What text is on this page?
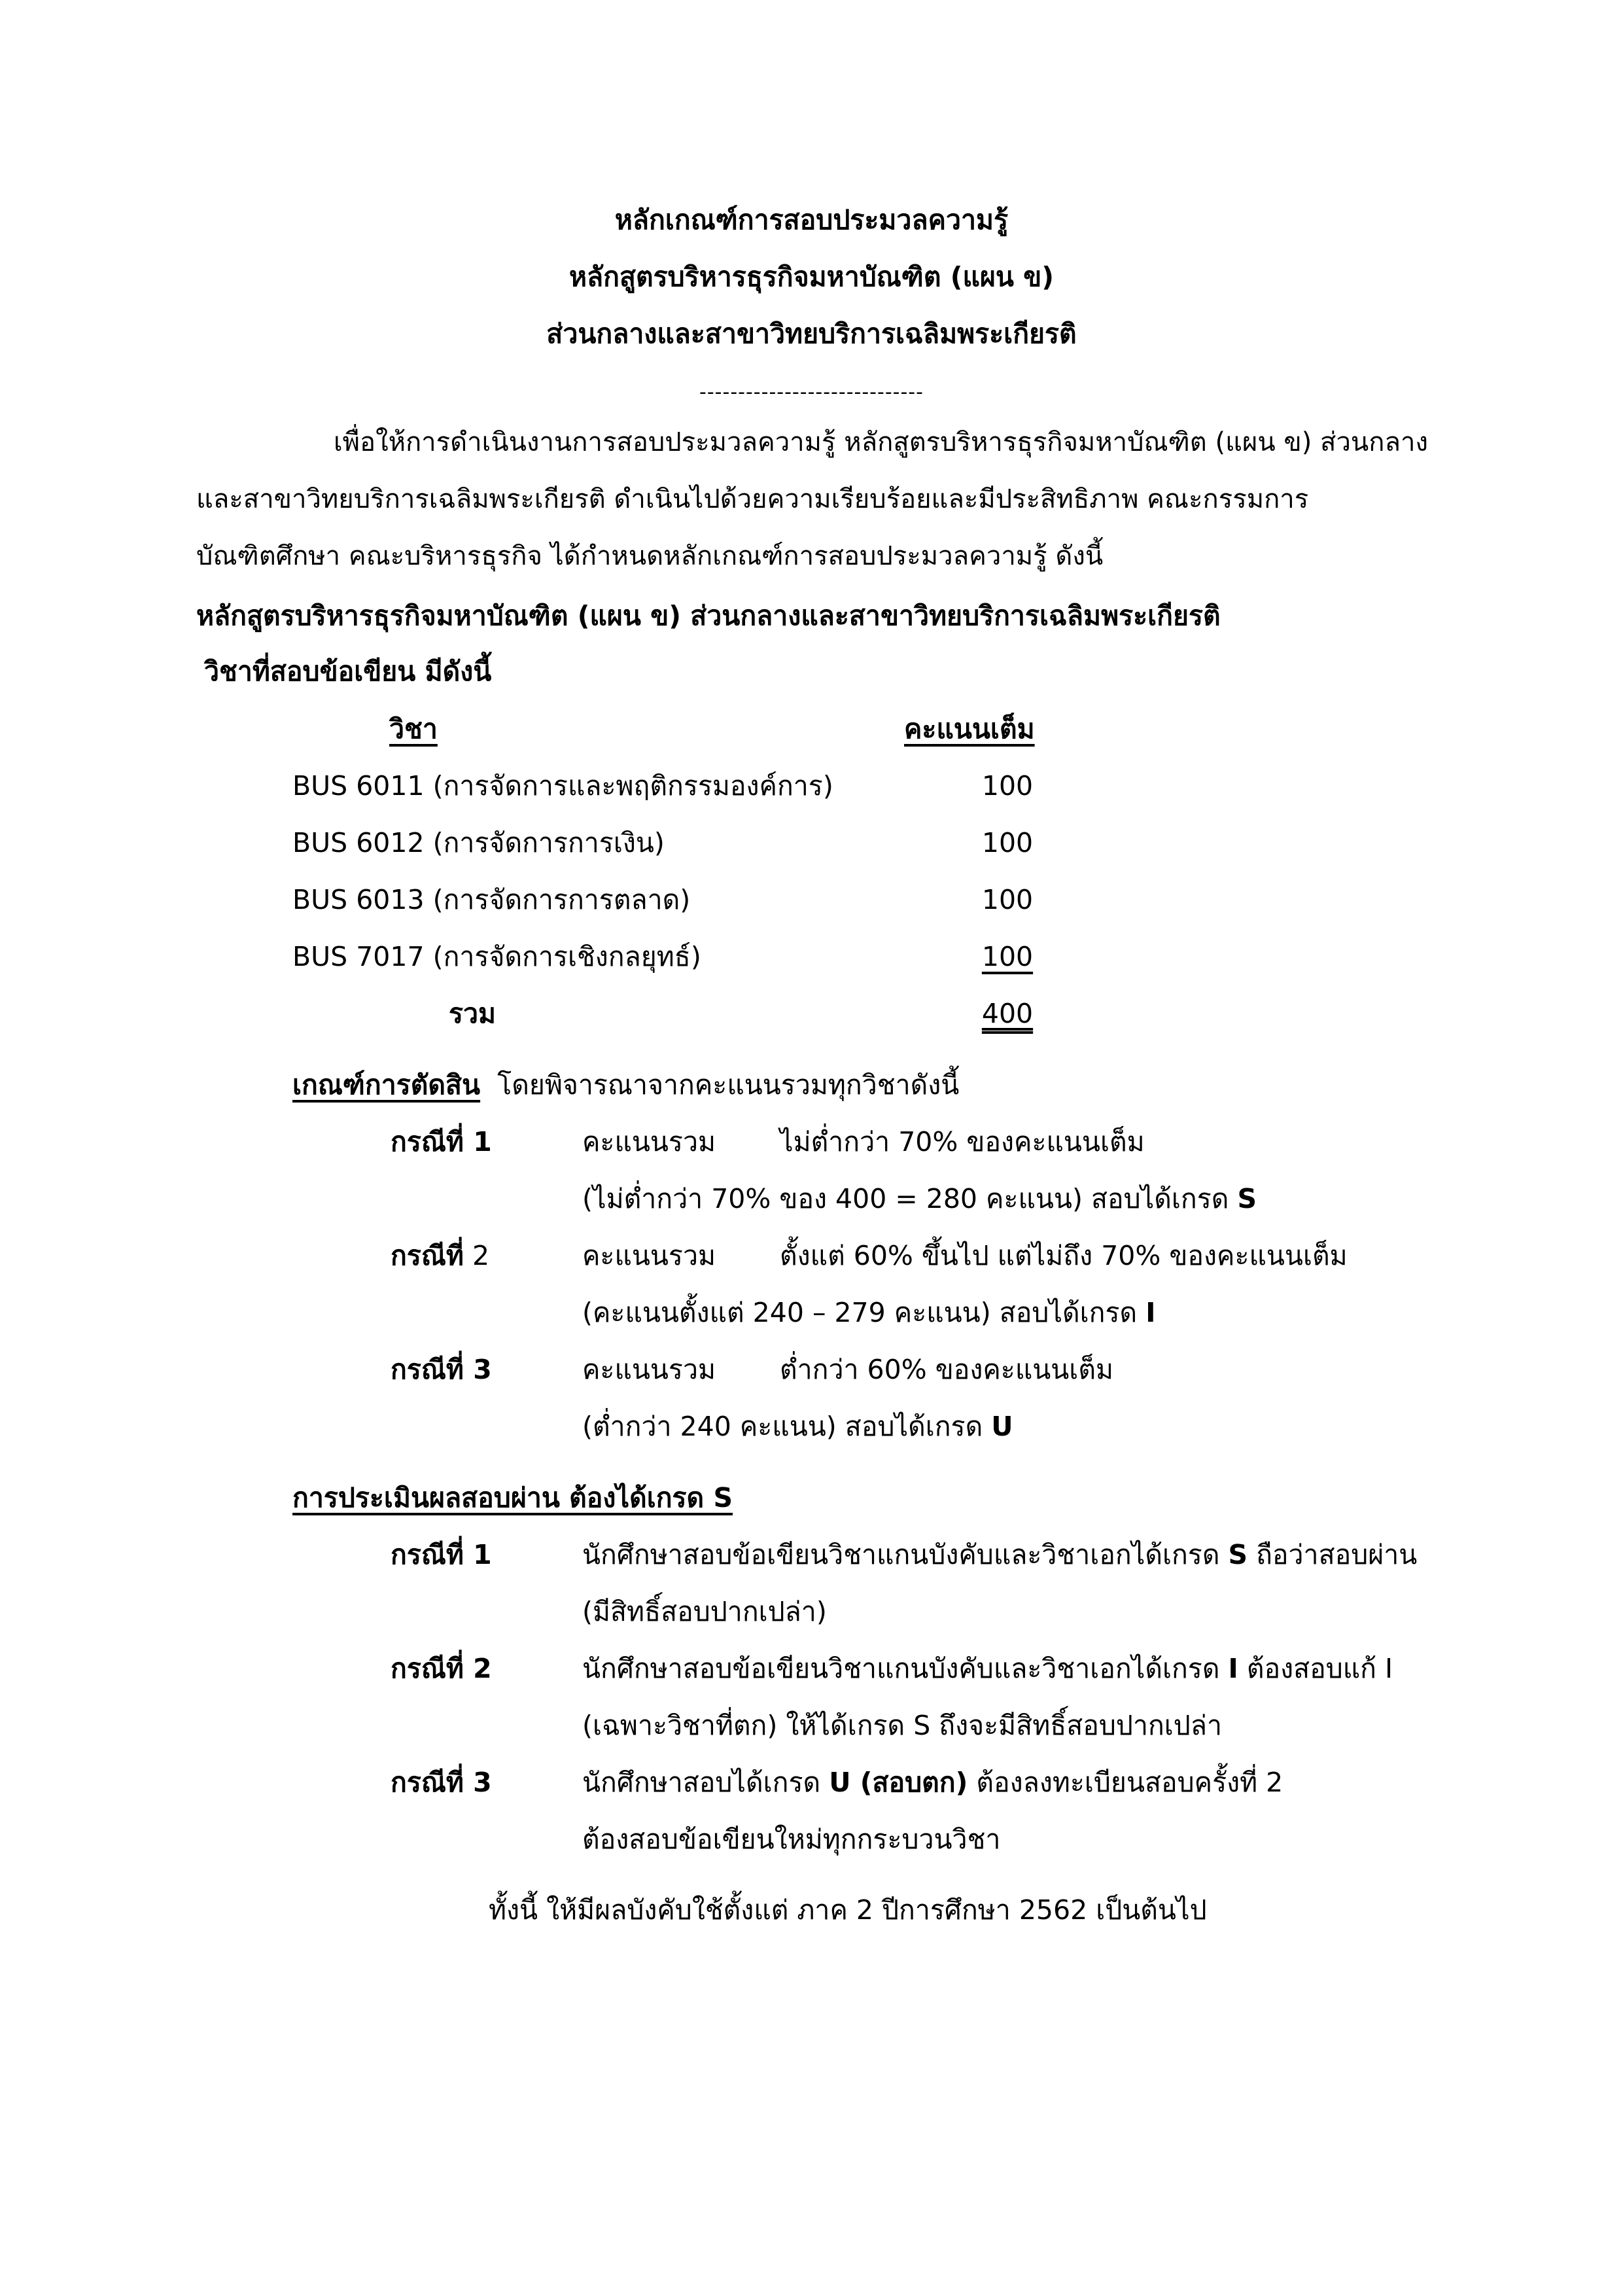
หลักเกณฑ์การสอบประมวลความรู้
หลักสูตรบริหารธุรกิจมหาบัณฑิต (แผน ข)
ส่วนกลางและสาขาวิทยบริการเฉลิมพระเกียรติ
-----------------------------

เพื่อให้การดำเนินงานการสอบประมวลความรู้ หลักสูตรบริหารธุรกิจมหาบัณฑิต (แผน ข) ส่วนกลาง

และสาขาวิทยบริการเฉลิมพระเกียรติ ดำเนินไปด้วยความเรียบร้อยและมีประสิทธิภาพ คณะกรรมการ

บัณฑิตศึกษา คณะบริหารธุรกิจ ได้กำหนดหลักเกณฑ์การสอบประมวลความรู้ ดังนี้

หลักสูตรบริหารธุรกิจมหาบัณฑิต (แผน ข) ส่วนกลางและสาขาวิทยบริการเฉลิมพระเกียรติ
วิชาที่สอบข้อเขียน มีดังนี้
วิชา	คะแนนเต็ม
BUS 6011 (การจัดการและพฤติกรรมองค์การ)	100
BUS 6012 (การจัดการการเงิน)	100
BUS 6013 (การจัดการการตลาด)	100
BUS 7017 (การจัดการเชิงกลยุทธ์)	100
รวม	400
เกณฑ์การตัดสิน โดยพิจารณาจากคะแนนรวมทุกวิชาดังนี้
กรณีที่ 1	คะแนนรวม ไม่ต่ำกว่า 70% ของคะแนนเต็ม
(ไม่ต่ำกว่า 70% ของ 400 = 280 คะแนน) สอบได้เกรด S
กรณีที่ 2	คะแนนรวม ตั้งแต่ 60% ขึ้นไป แต่ไม่ถึง 70% ของคะแนนเต็ม
(คะแนนตั้งแต่ 240 – 279 คะแนน) สอบได้เกรด I
กรณีที่ 3	คะแนนรวม ต่ำกว่า 60% ของคะแนนเต็ม
(ต่ำกว่า 240 คะแนน) สอบได้เกรด U
การประเมินผลสอบผ่าน ต้องได้เกรด S
กรณีที่ 1	นักศึกษาสอบข้อเขียนวิชาแกนบังคับและวิชาเอกได้เกรด S ถือว่าสอบผ่าน
(มีสิทธิ์สอบปากเปล่า)
กรณีที่ 2	นักศึกษาสอบข้อเขียนวิชาแกนบังคับและวิชาเอกได้เกรด I ต้องสอบแก้ I
(เฉพาะวิชาที่ตก) ให้ได้เกรด S ถึงจะมีสิทธิ์สอบปากเปล่า
กรณีที่ 3	นักศึกษาสอบได้เกรด U (สอบตก) ต้องลงทะเบียนสอบครั้งที่ 2
ต้องสอบข้อเขียนใหม่ทุกกระบวนวิชา
ทั้งนี้ ให้มีผลบังคับใช้ตั้งแต่ ภาค 2 ปีการศึกษา 2562 เป็นต้นไป
